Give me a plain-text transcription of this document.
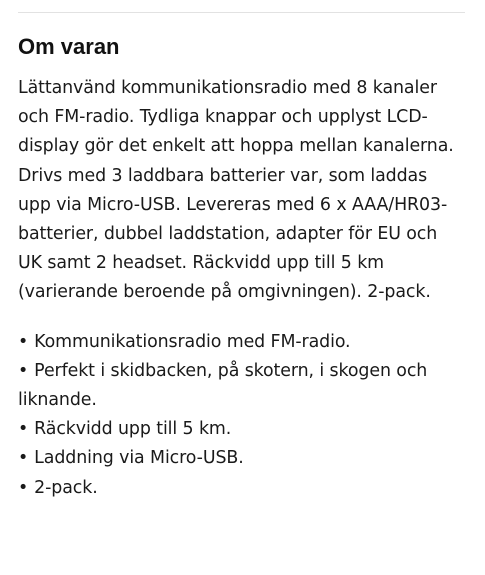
Om varan

Lättanvänd kommunikationsradio med 8 kanaler och FM-radio. Tydliga knappar och upplyst LCD-display gör det enkelt att hoppa mellan kanalerna. Drivs med 3 laddbara batterier var, som laddas upp via Micro-USB. Levereras med 6 x AAA/HR03-batterier, dubbel laddstation, adapter för EU och UK samt 2 headset. Räckvidd upp till 5 km (varierande beroende på omgivningen). 2-pack.

• Kommunikationsradio med FM-radio.
• Perfekt i skidbacken, på skotern, i skogen och liknande.
• Räckvidd upp till 5 km.
• Laddning via Micro-USB.
• 2-pack.
